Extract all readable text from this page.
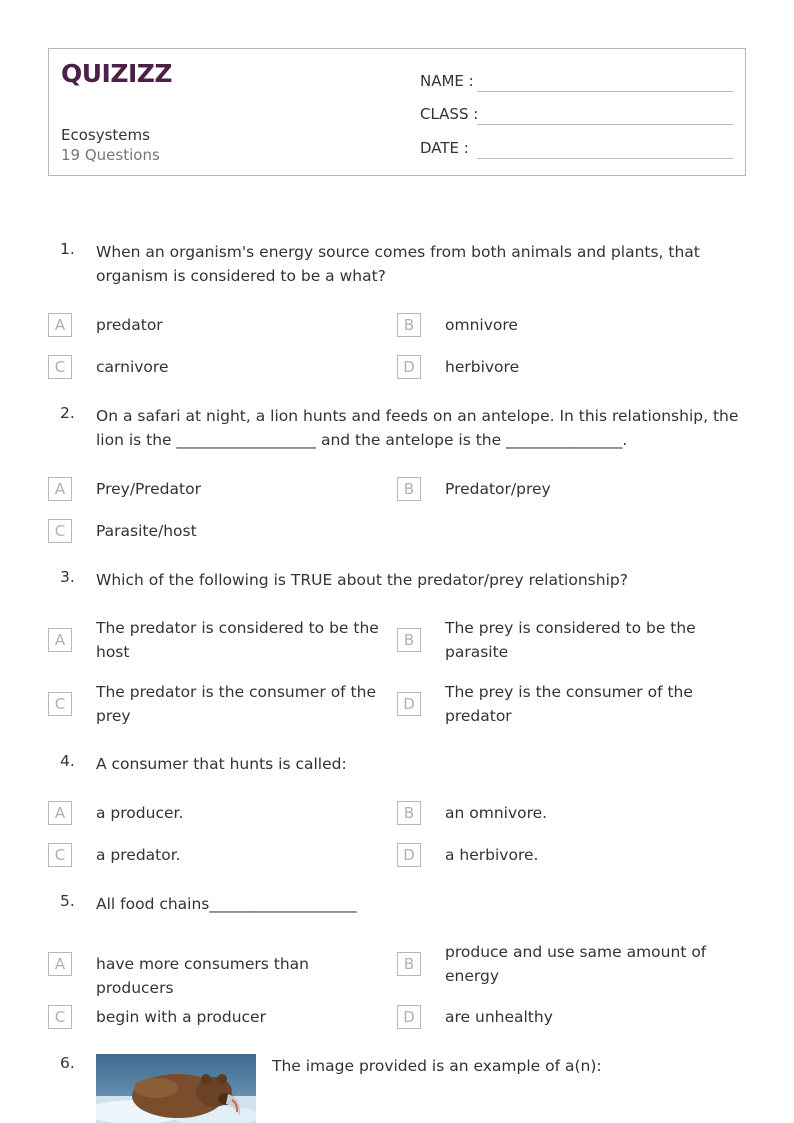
QUIZIZZ
Ecosystems
19 Questions
NAME :
CLASS :
DATE :
1. When an organism's energy source comes from both animals and plants, that organism is considered to be a what?
A	predator	B	omnivore
C	carnivore	D	herbivore
2. On a safari at night, a lion hunts and feeds on an antelope. In this relationship, the lion is the __________________ and the antelope is the _______________.
A	Prey/Predator	B	Predator/prey
C	Parasite/host
3. Which of the following is TRUE about the predator/prey relationship?
A
The predator is considered to be the host
B
The prey is considered to be the parasite
C
The predator is the consumer of the prey
D
The prey is the consumer of the predator
4. A consumer that hunts is called:
A	a producer.	B	an omnivore.
C	a predator.	D	a herbivore.
5. All food chains___________________
A	have more consumers than producers
B
produce and use same amount of energy
C	begin with a producer	D	are unhealthy
6.	The image provided is an example of a(n):
